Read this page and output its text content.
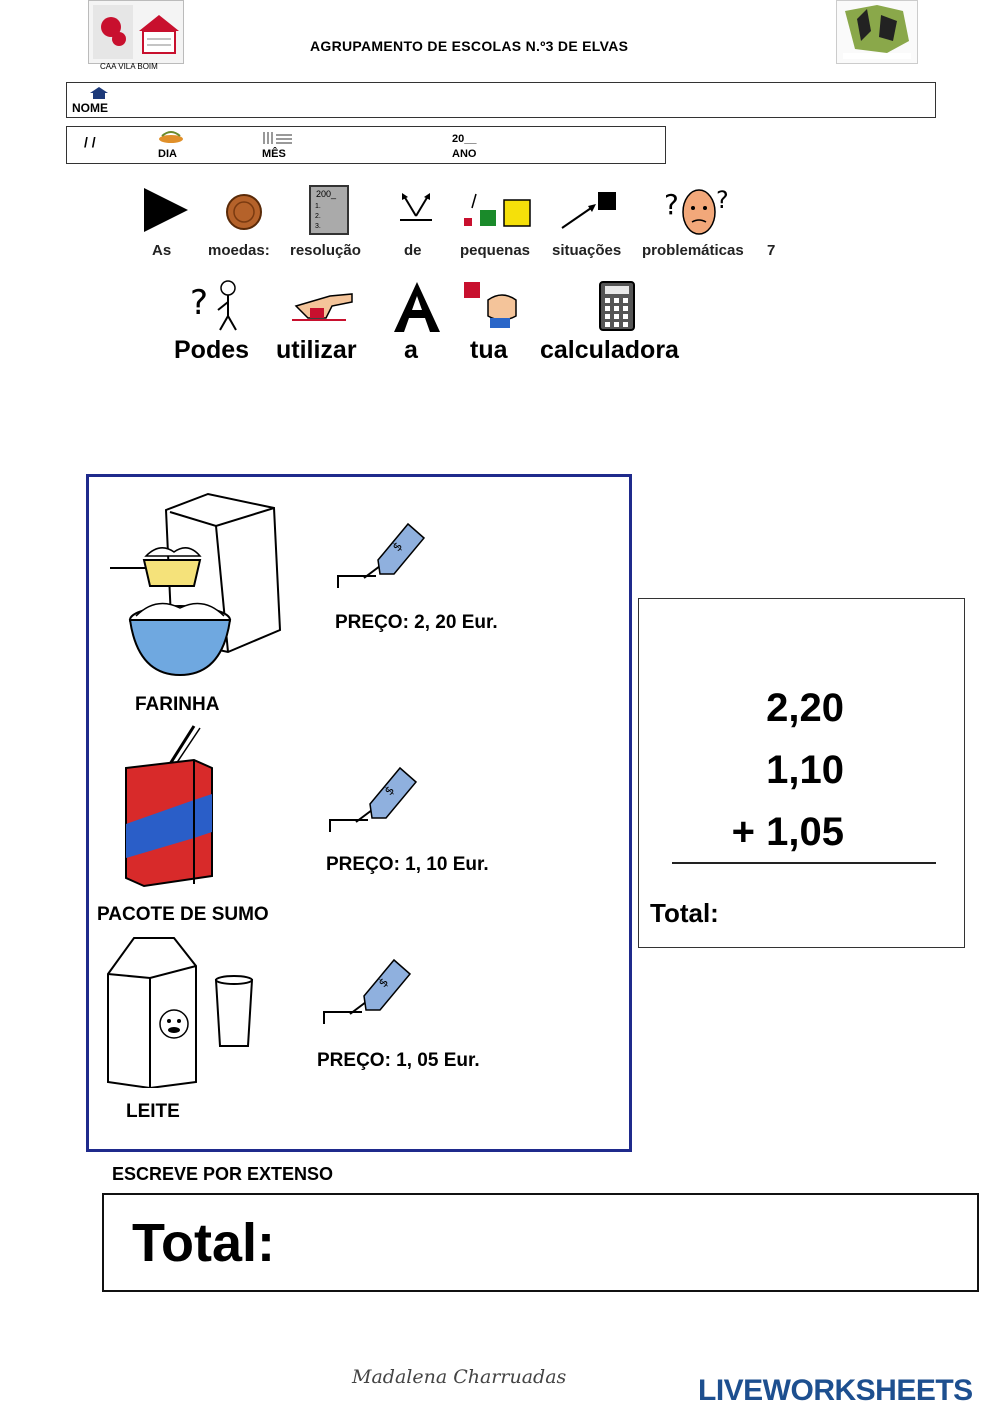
CAA VILA BOIM
AGRUPAMENTO DE ESCOLAS N.º3 DE ELVAS
NOME
/ /
DIA	MÊS
20__
ANO
As moedas:
200_
1.
2.
3.
resolução	de	pequenas situações
? ?
problemáticas 7
?
Podes utilizar a tua calculadora
$
PREÇO: 2, 20 Eur.
FARINHA
$
PREÇO: 1, 10 Eur.
PACOTE DE SUMO
$
PREÇO: 1, 05 Eur.
LEITE
2,20
1,10
+ 1,05
Total:
ESCREVE POR EXTENSO
Total:
Madalena Charruadas	LIVEWORKSHEETS
